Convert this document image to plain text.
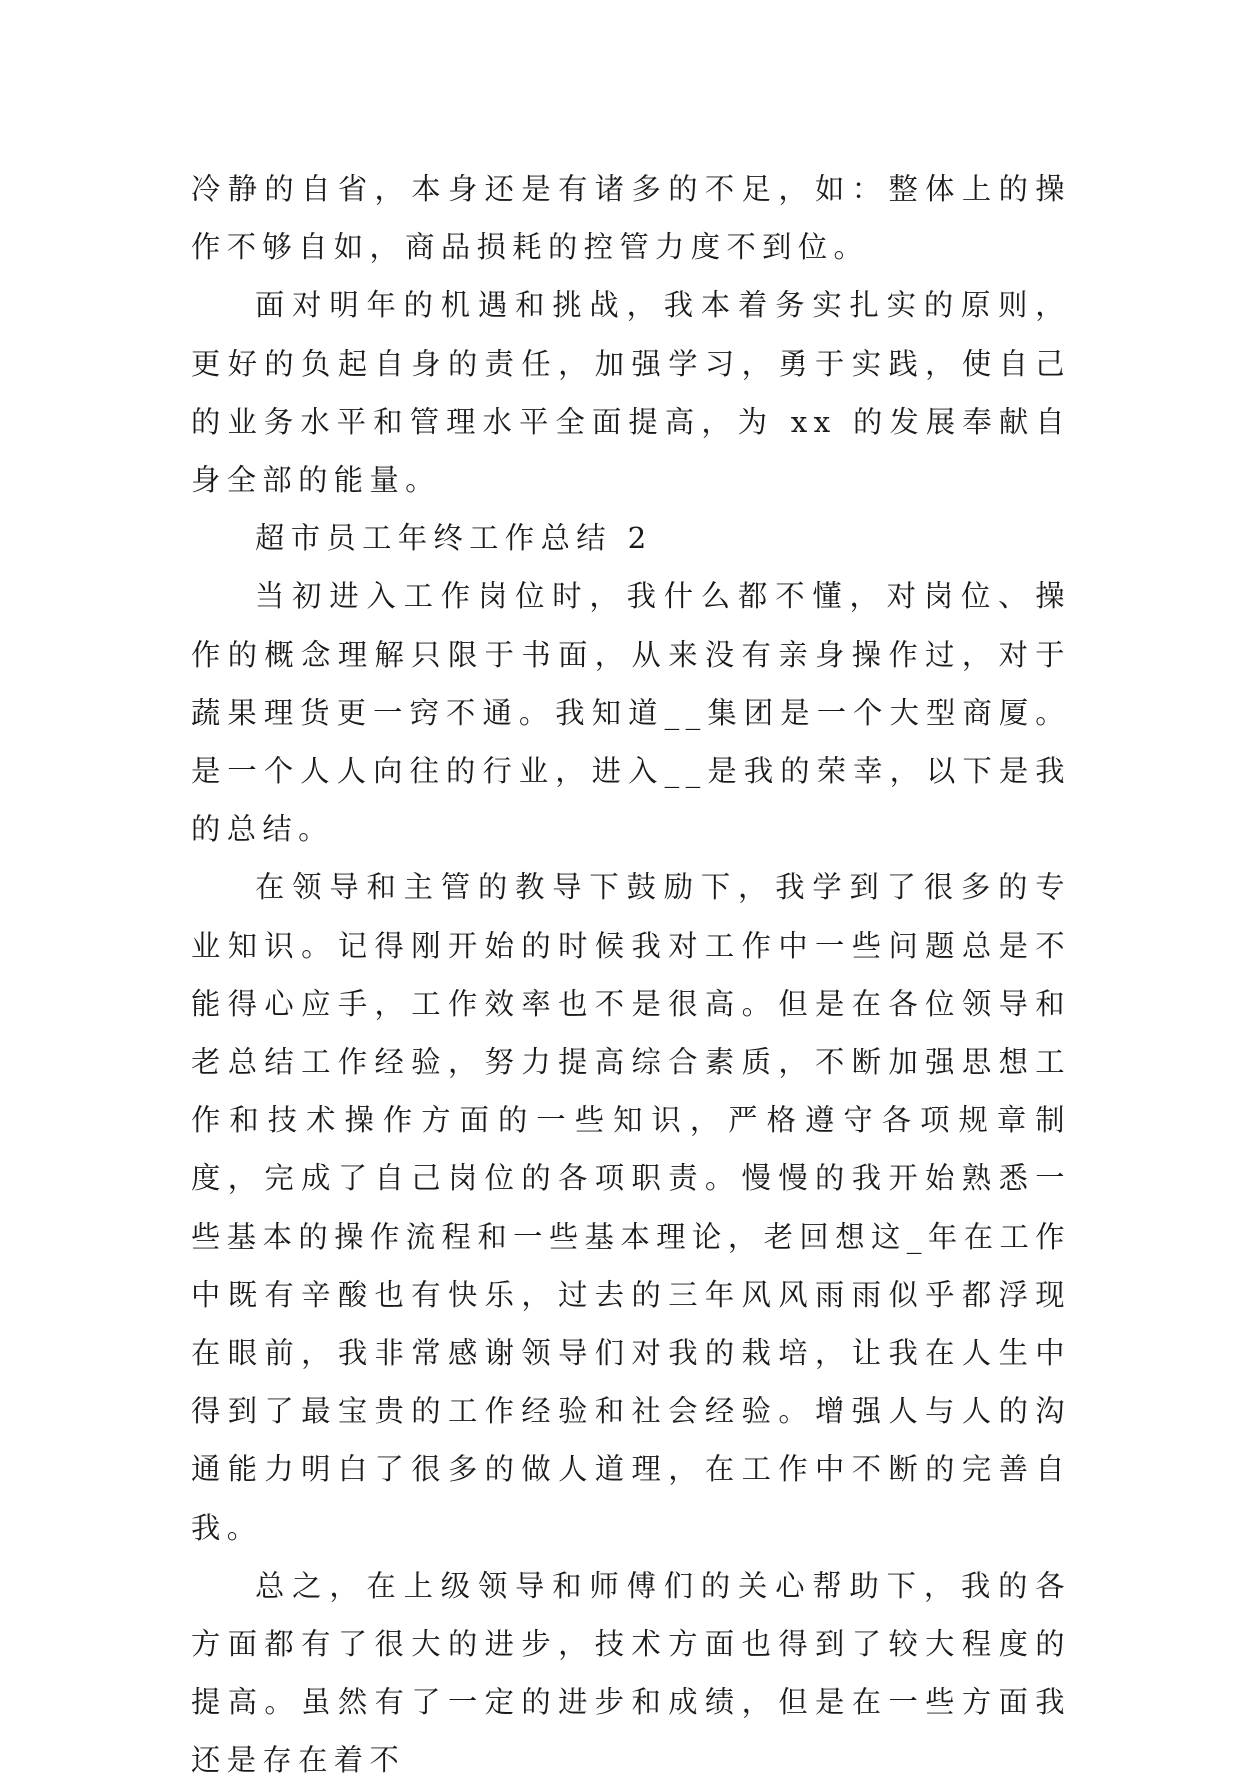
冷静的自省，本身还是有诸多的不足，如：整体上的操作不够自如，商品损耗的控管力度不到位。

面对明年的机遇和挑战，我本着务实扎实的原则，更好的负起自身的责任，加强学习，勇于实践，使自己的业务水平和管理水平全面提高，为 xx 的发展奉献自身全部的能量。

超市员工年终工作总结 2

当初进入工作岗位时，我什么都不懂，对岗位、操作的概念理解只限于书面，从来没有亲身操作过，对于蔬果理货更一窍不通。我知道__集团是一个大型商厦。是一个人人向往的行业，进入__是我的荣幸，以下是我的总结。

在领导和主管的教导下鼓励下，我学到了很多的专业知识。记得刚开始的时候我对工作中一些问题总是不能得心应手，工作效率也不是很高。但是在各位领导和老总结工作经验，努力提高综合素质，不断加强思想工作和技术操作方面的一些知识，严格遵守各项规章制度，完成了自己岗位的各项职责。慢慢的我开始熟悉一些基本的操作流程和一些基本理论，老回想这_年在工作中既有辛酸也有快乐，过去的三年风风雨雨似乎都浮现在眼前，我非常感谢领导们对我的栽培，让我在人生中得到了最宝贵的工作经验和社会经验。增强人与人的沟通能力明白了很多的做人道理，在工作中不断的完善自我。

总之，在上级领导和师傅们的关心帮助下，我的各方面都有了很大的进步，技术方面也得到了较大程度的提高。虽然有了一定的进步和成绩，但是在一些方面我还是存在着不
